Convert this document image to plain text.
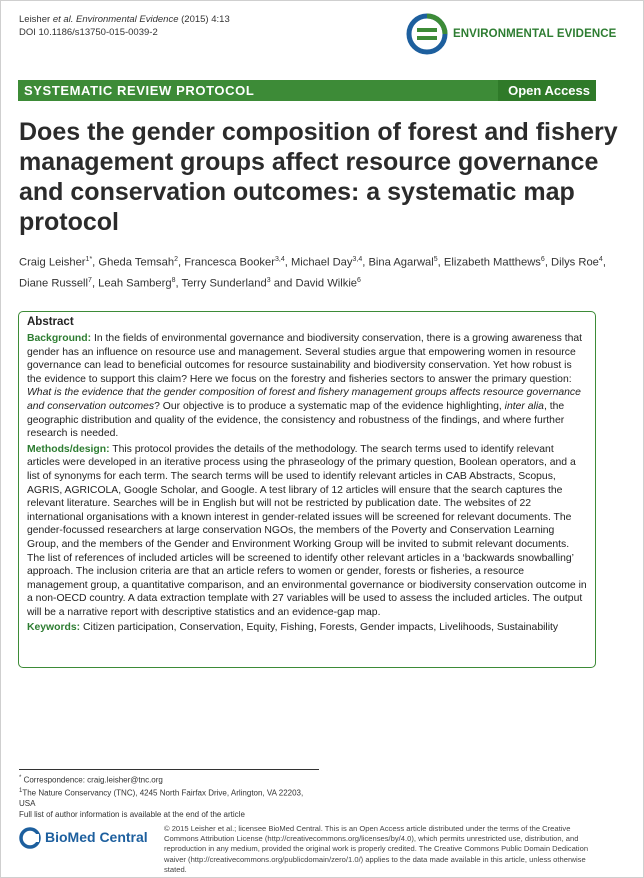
Leisher et al. Environmental Evidence (2015) 4:13
DOI 10.1186/s13750-015-0039-2	ENVIRONMENTAL EVIDENCE
SYSTEMATIC REVIEW PROTOCOL	Open Access
Does the gender composition of forest and fishery management groups affect resource governance and conservation outcomes: a systematic map protocol
Craig Leisher$^{1*}$, Gheda Temsah$^2$, Francesca Booker$^{3,4}$, Michael Day$^{3,4}$, Bina Agarwal$^5$, Elizabeth Matthews$^6$, Dilys Roe$^4$, Diane Russell$^7$, Leah Samberg$^8$, Terry Sunderland$^3$ and David Wilkie$^6$
Abstract

Background: In the fields of environmental governance and biodiversity conservation, there is a growing awareness that gender has an influence on resource use and management. Several studies argue that empowering women in resource governance can lead to beneficial outcomes for resource sustainability and biodiversity conservation. Yet how robust is the evidence to support this claim? Here we focus on the forestry and fisheries sectors to answer the primary question: What is the evidence that the gender composition of forest and fishery management groups affects resource governance and conservation outcomes? Our objective is to produce a systematic map of the evidence highlighting, inter alia, the geographic distribution and quality of the evidence, the consistency and robustness of the findings, and where further research is needed.

Methods/design: This protocol provides the details of the methodology. The search terms used to identify relevant articles were developed in an iterative process using the phraseology of the primary question, Boolean operators, and a list of synonyms for each term. The search terms will be used to identify relevant articles in CAB Abstracts, Scopus, AGRIS, AGRICOLA, Google Scholar, and Google. A test library of 12 articles will ensure that the search captures the relevant literature. Searches will be in English but will not be restricted by publication date. The websites of 22 international organisations with a known interest in gender-related issues will be screened for relevant documents. The gender-focussed researchers at large conservation NGOs, the members of the Poverty and Conservation Learning Group, and the members of the Gender and Environment Working Group will be invited to submit relevant documents. The list of references of included articles will be screened to identify other relevant articles in a ‘backwards snowballing’ approach. The inclusion criteria are that an article refers to women or gender, forests or fisheries, a resource management group, a quantitative comparison, and an environmental governance or biodiversity conservation outcome in a non-OECD country. A data extraction template with 27 variables will be used to assess the included articles. The output will be a narrative report with descriptive statistics and an evidence-gap map.

Keywords: Citizen participation, Conservation, Equity, Fishing, Forests, Gender impacts, Livelihoods, Sustainability

* Correspondence: craig.leisher@tnc.org
$^1$The Nature Conservancy (TNC), 4245 North Fairfax Drive, Arlington, VA 22203, USA
Full list of author information is available at the end of the article
BioMed Central
© 2015 Leisher et al.; licensee BioMed Central. This is an Open Access article distributed under the terms of the Creative Commons Attribution License (http://creativecommons.org/licenses/by/4.0), which permits unrestricted use, distribution, and reproduction in any medium, provided the original work is properly credited. The Creative Commons Public Domain Dedication waiver (http://creativecommons.org/publicdomain/zero/1.0/) applies to the data made available in this article, unless otherwise stated.
